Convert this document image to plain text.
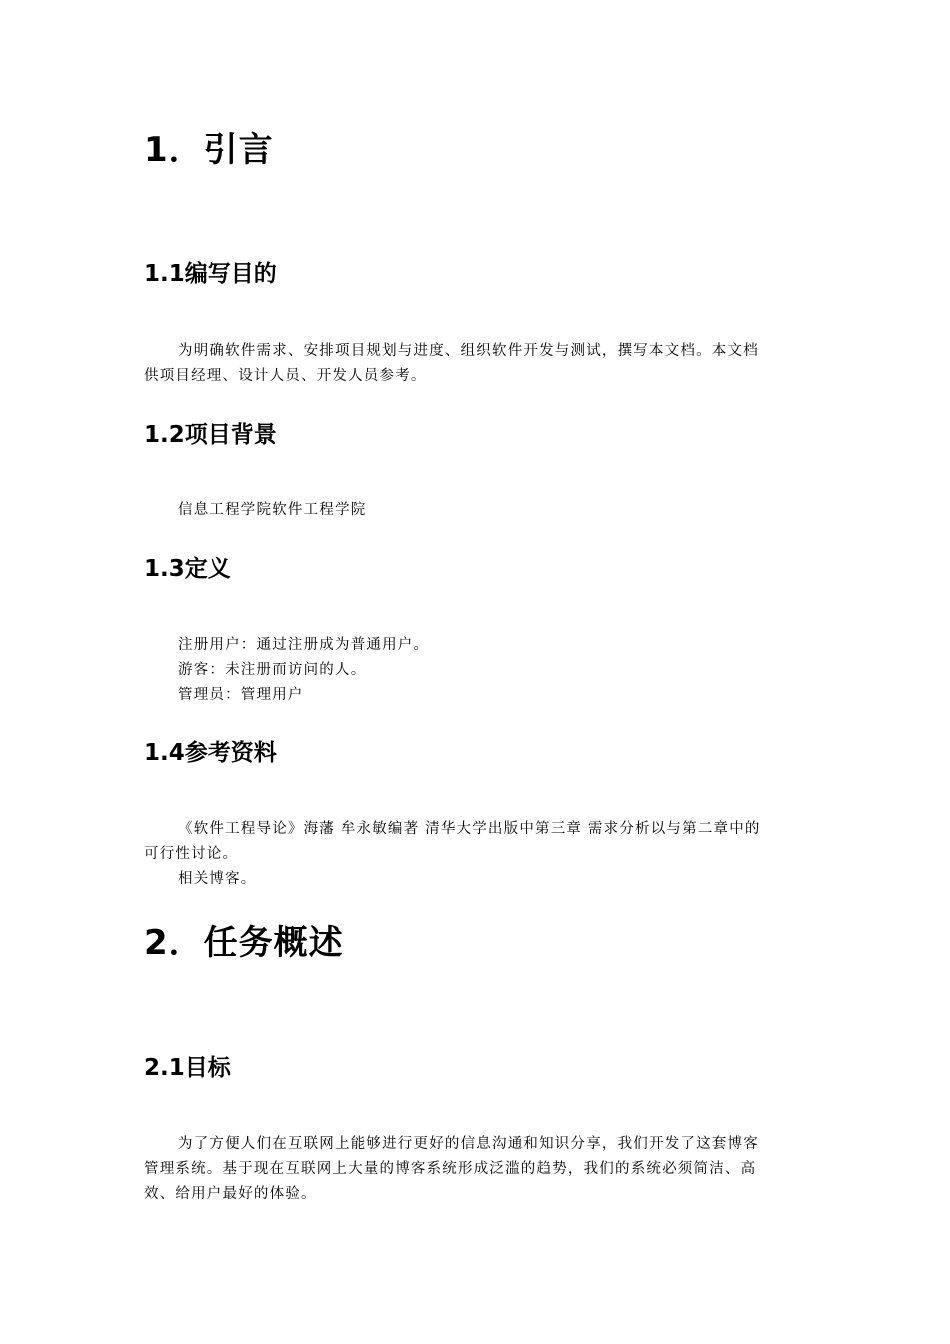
1．引言
1.1编写目的
为明确软件需求、安排项目规划与进度、组织软件开发与测试，撰写本文档。本文档
供项目经理、设计人员、开发人员参考。
1.2项目背景
信息工程学院软件工程学院
1.3定义
注册用户：通过注册成为普通用户。
游客：未注册而访问的人。
管理员：管理用户
1.4参考资料
《软件工程导论》海藩 牟永敏编著 清华大学出版中第三章 需求分析以与第二章中的
可行性讨论。
相关博客。
2．任务概述
2.1目标
为了方便人们在互联网上能够进行更好的信息沟通和知识分享，我们开发了这套博客
管理系统。基于现在互联网上大量的博客系统形成泛滥的趋势，我们的系统必须简洁、高
效、给用户最好的体验。
